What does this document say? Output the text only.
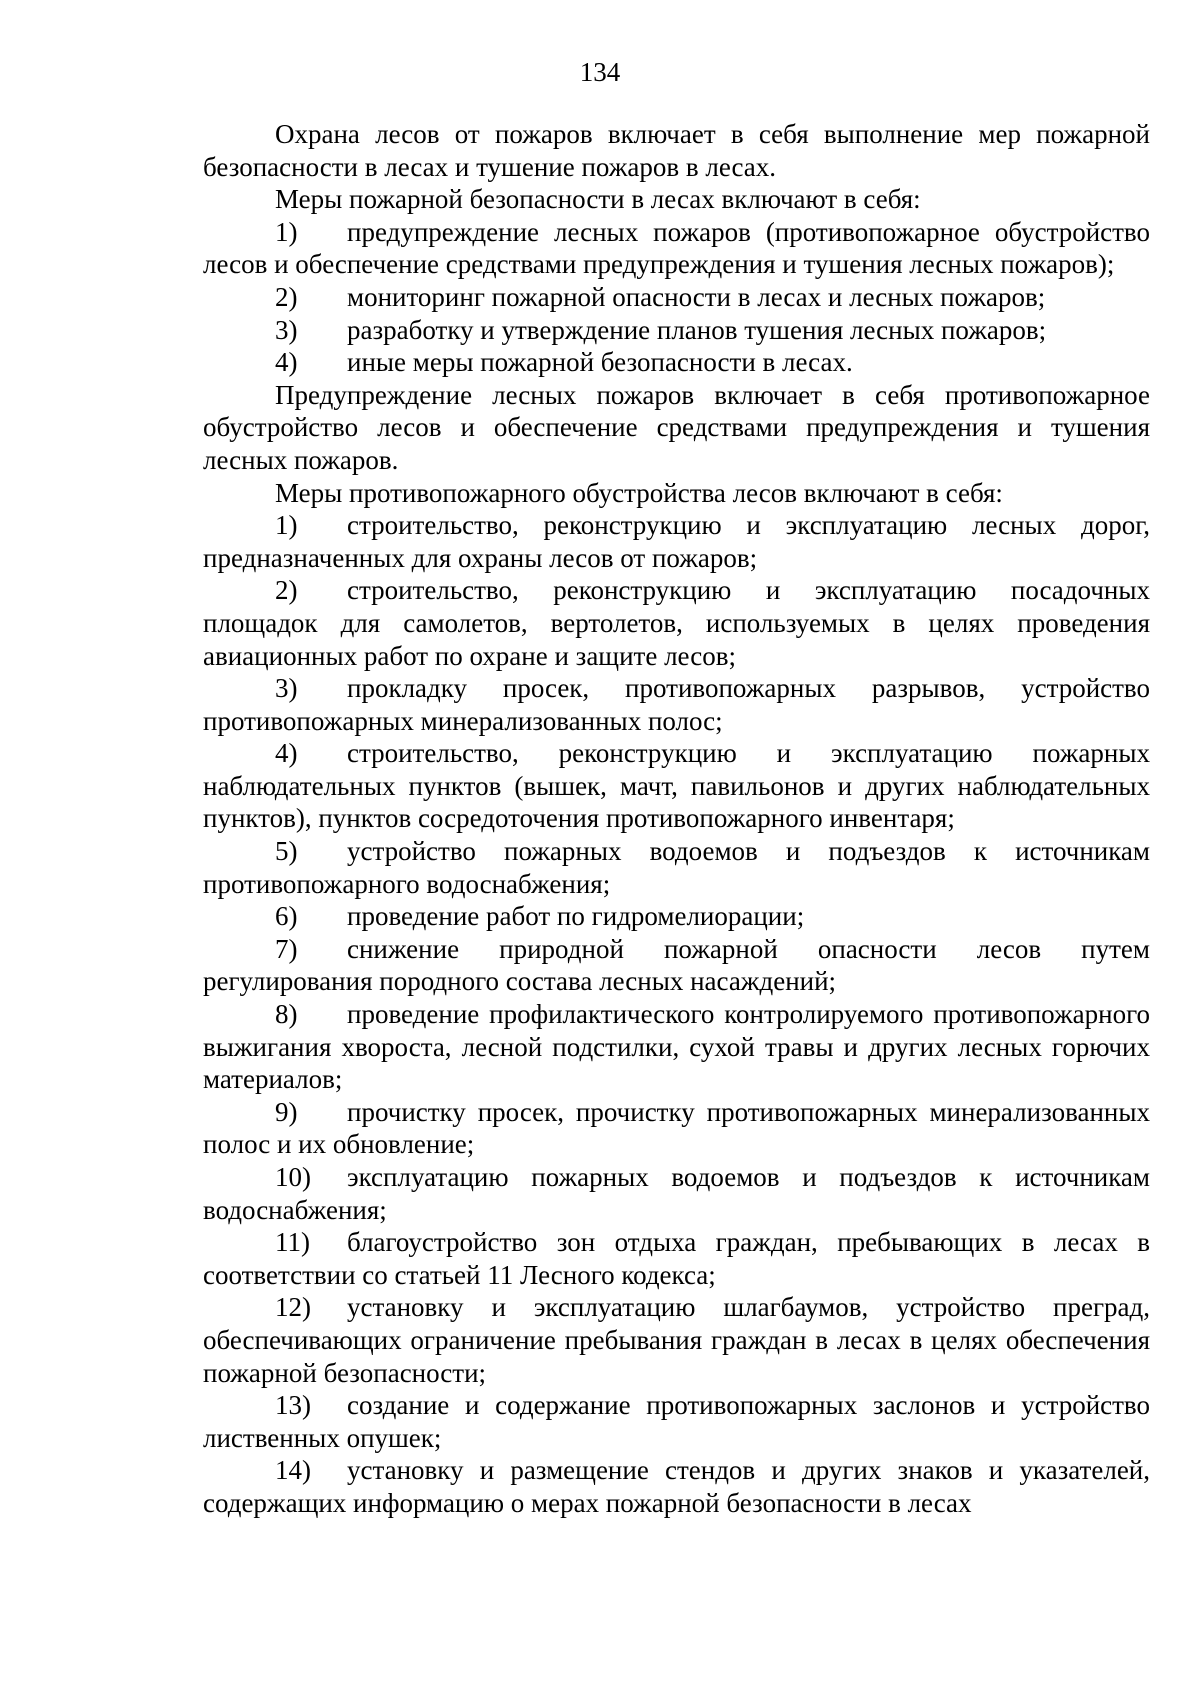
134

Охрана лесов от пожаров включает в себя выполнение мер пожарной безопасности в лесах и тушение пожаров в лесах.

Меры пожарной безопасности в лесах включают в себя:

1) предупреждение лесных пожаров (противопожарное обустройство лесов и обеспечение средствами предупреждения и тушения лесных пожаров);

2) мониторинг пожарной опасности в лесах и лесных пожаров;

3) разработку и утверждение планов тушения лесных пожаров;

4) иные меры пожарной безопасности в лесах.

Предупреждение лесных пожаров включает в себя противопожарное обустройство лесов и обеспечение средствами предупреждения и тушения лесных пожаров.

Меры противопожарного обустройства лесов включают в себя:

1) строительство, реконструкцию и эксплуатацию лесных дорог, предназначенных для охраны лесов от пожаров;

2) строительство, реконструкцию и эксплуатацию посадочных площадок для самолетов, вертолетов, используемых в целях проведения авиационных работ по охране и защите лесов;

3) прокладку просек, противопожарных разрывов, устройство противопожарных минерализованных полос;

4) строительство, реконструкцию и эксплуатацию пожарных наблюдательных пунктов (вышек, мачт, павильонов и других наблюдательных пунктов), пунктов сосредоточения противопожарного инвентаря;

5) устройство пожарных водоемов и подъездов к источникам противопожарного водоснабжения;

6) проведение работ по гидромелиорации;

7) снижение природной пожарной опасности лесов путем регулирования породного состава лесных насаждений;

8) проведение профилактического контролируемого противопожарного выжигания хвороста, лесной подстилки, сухой травы и других лесных горючих материалов;

9) прочистку просек, прочистку противопожарных минерализованных полос и их обновление;

10) эксплуатацию пожарных водоемов и подъездов к источникам водоснабжения;

11) благоустройство зон отдыха граждан, пребывающих в лесах в соответствии со статьей 11 Лесного кодекса;

12) установку и эксплуатацию шлагбаумов, устройство преград, обеспечивающих ограничение пребывания граждан в лесах в целях обеспечения пожарной безопасности;

13) создание и содержание противопожарных заслонов и устройство лиственных опушек;

14) установку и размещение стендов и других знаков и указателей, содержащих информацию о мерах пожарной безопасности в лесах
